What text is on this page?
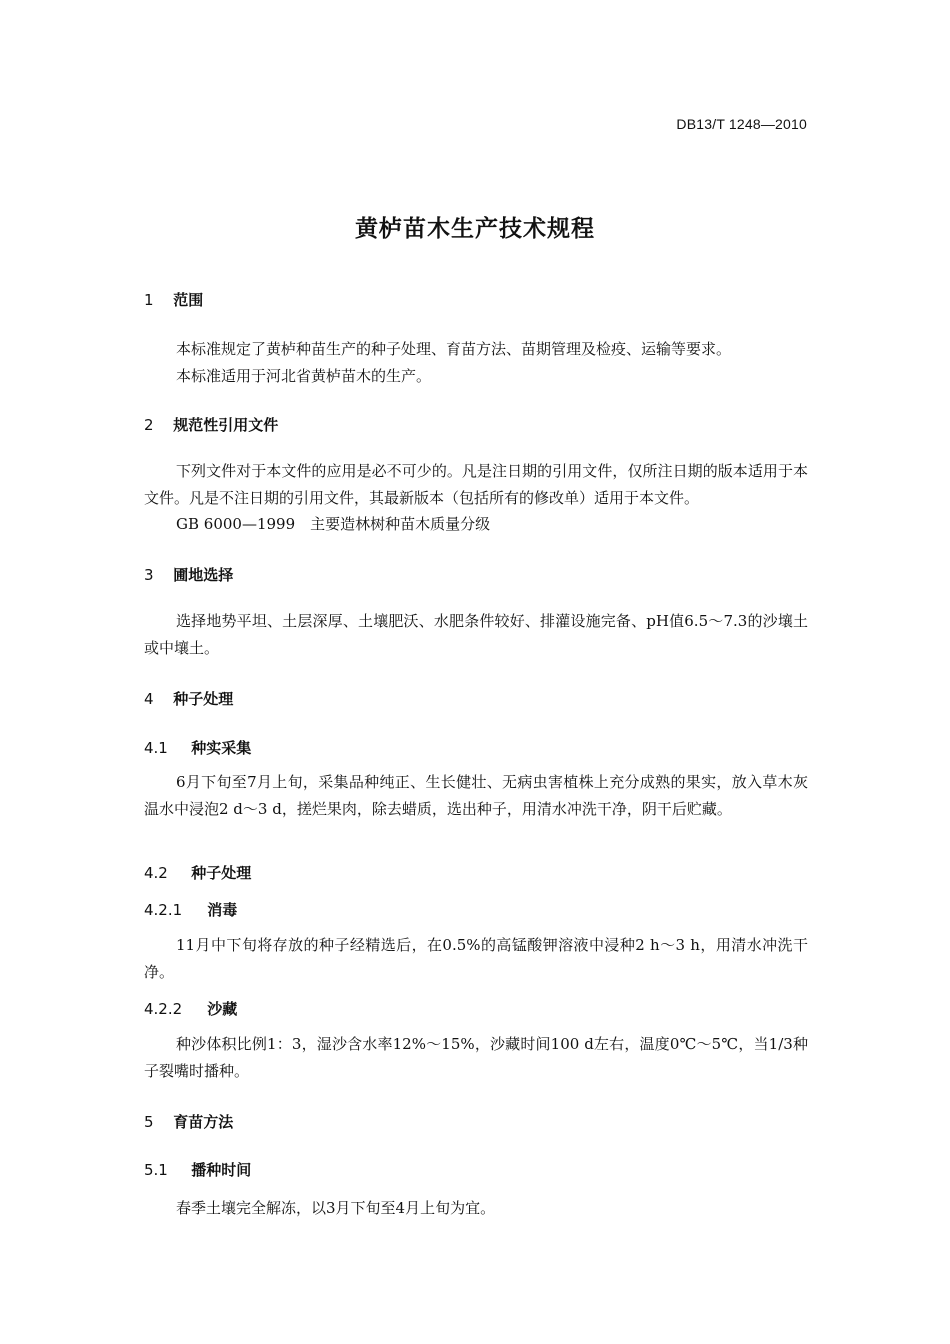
DB13/T 1248—2010
黄栌苗木生产技术规程
1 范围
本标准规定了黄栌种苗生产的种子处理、育苗方法、苗期管理及检疫、运输等要求。
本标准适用于河北省黄栌苗木的生产。
2 规范性引用文件
下列文件对于本文件的应用是必不可少的。凡是注日期的引用文件，仅所注日期的版本适用于本文件。凡是不注日期的引用文件，其最新版本（包括所有的修改单）适用于本文件。
GB 6000—1999　主要造林树种苗木质量分级
3 圃地选择
选择地势平坦、土层深厚、土壤肥沃、水肥条件较好、排灌设施完备、pH值6.5～7.3的沙壤土或中壤土。
4 种子处理
4.1 种实采集
6月下旬至7月上旬，采集品种纯正、生长健壮、无病虫害植株上充分成熟的果实，放入草木灰温水中浸泡2 d～3 d，搓烂果肉，除去蜡质，选出种子，用清水冲洗干净，阴干后贮藏。
4.2 种子处理
4.2.1 消毒
11月中下旬将存放的种子经精选后，在0.5%的高锰酸钾溶液中浸种2 h～3 h，用清水冲洗干净。
4.2.2 沙藏
种沙体积比例1：3，湿沙含水率12%～15%，沙藏时间100 d左右，温度0℃～5℃，当1/3种子裂嘴时播种。
5 育苗方法
5.1 播种时间
春季土壤完全解冻，以3月下旬至4月上旬为宜。
